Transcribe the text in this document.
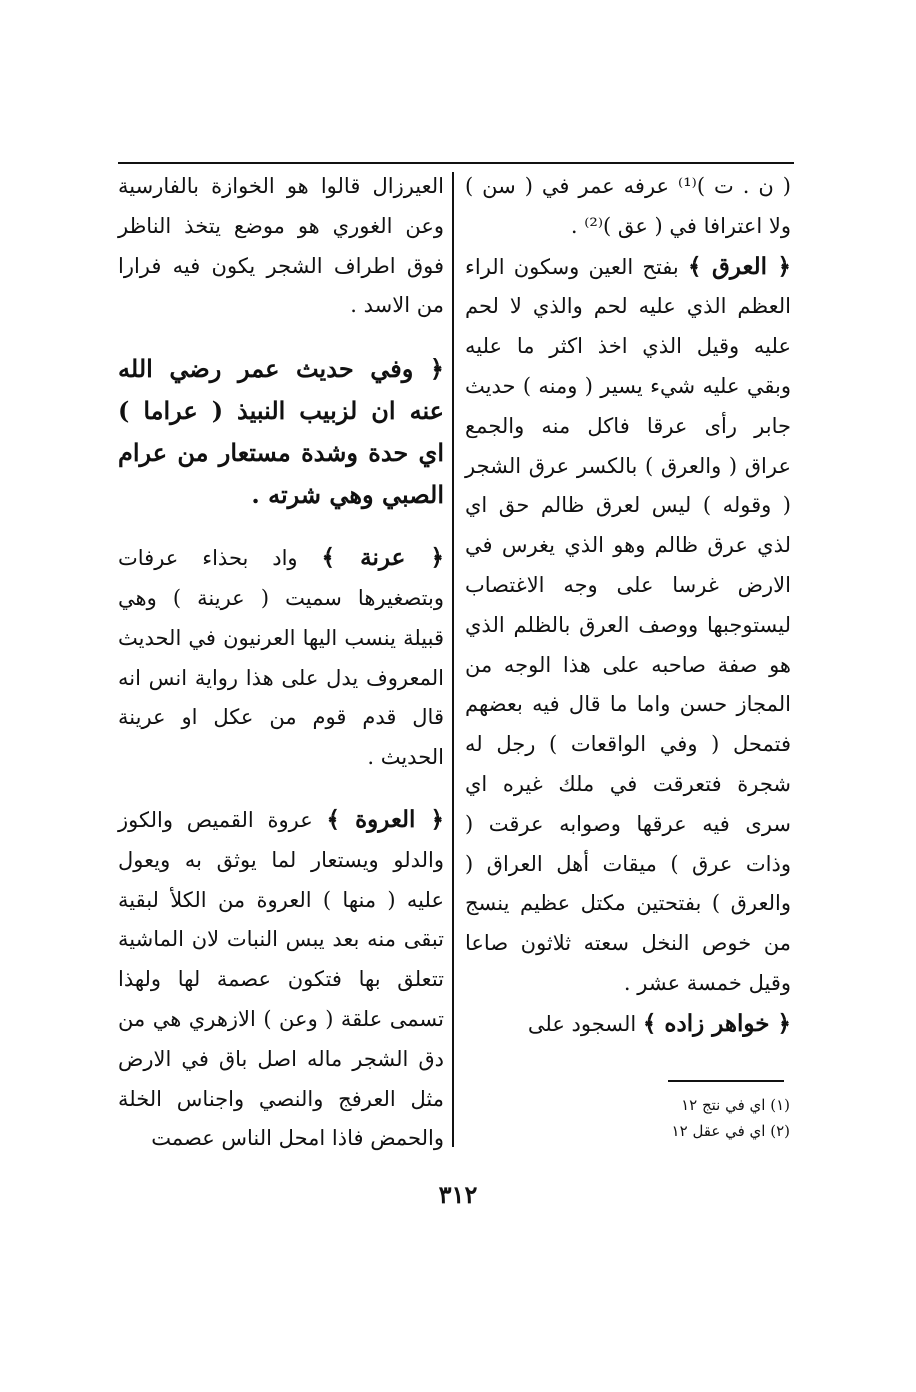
( ن . ت )⁽¹⁾ عرفه عمر في ( سن ) ولا اعترافا في ( عق )⁽²⁾ .

﴿ العرق ﴾ بفتح العين وسكون الراء العظم الذي عليه لحم والذي لا لحم عليه وقيل الذي اخذ اكثر ما عليه وبقي عليه شيء يسير ( ومنه ) حديث جابر رأى عرقا فاكل منه والجمع عراق ( والعرق ) بالكسر عرق الشجر ( وقوله ) ليس لعرق ظالم حق اي لذي عرق ظالم وهو الذي يغرس في الارض غرسا على وجه الاغتصاب ليستوجبها ووصف العرق بالظلم الذي هو صفة صاحبه على هذا الوجه من المجاز حسن واما ما قال فيه بعضهم فتمحل ( وفي الواقعات ) رجل له شجرة فتعرقت في ملك غيره اي سرى فيه عرقها وصوابه عرقت ( وذات عرق ) ميقات أهل العراق ( والعرق ) بفتحتين مكتل عظيم ينسج من خوص النخل سعته ثلاثون صاعا وقيل خمسة عشر .

﴿ خواهر زاده ﴾ السجود على

العيرزال قالوا هو الخوازة بالفارسية وعن الغوري هو موضع يتخذ الناظر فوق اطراف الشجر يكون فيه فرارا من الاسد .

﴿ وفي حديث عمر رضي الله عنه ان لزبيب النبيذ ( عراما ) اي حدة وشدة مستعار من عرام الصبي وهي شرته .

﴿ عرنة ﴾ واد بحذاء عرفات وبتصغيرها سميت ( عرينة ) وهي قبيلة ينسب اليها العرنيون في الحديث المعروف يدل على هذا رواية انس انه قال قدم قوم من عكل او عرينة الحديث .

﴿ العروة ﴾ عروة القميص والكوز والدلو ويستعار لما يوثق به ويعول عليه ( منها ) العروة من الكلأ لبقية تبقى منه بعد يبس النبات لان الماشية تتعلق بها فتكون عصمة لها ولهذا تسمى علقة ( وعن ) الازهري هي من دق الشجر ماله اصل باق في الارض مثل العرفج والنصي واجناس الخلة والحمض فاذا امحل الناس عصمت

(١) اي في نتج ١٢
(٢) اي في عقل ١٢
٣١٢
